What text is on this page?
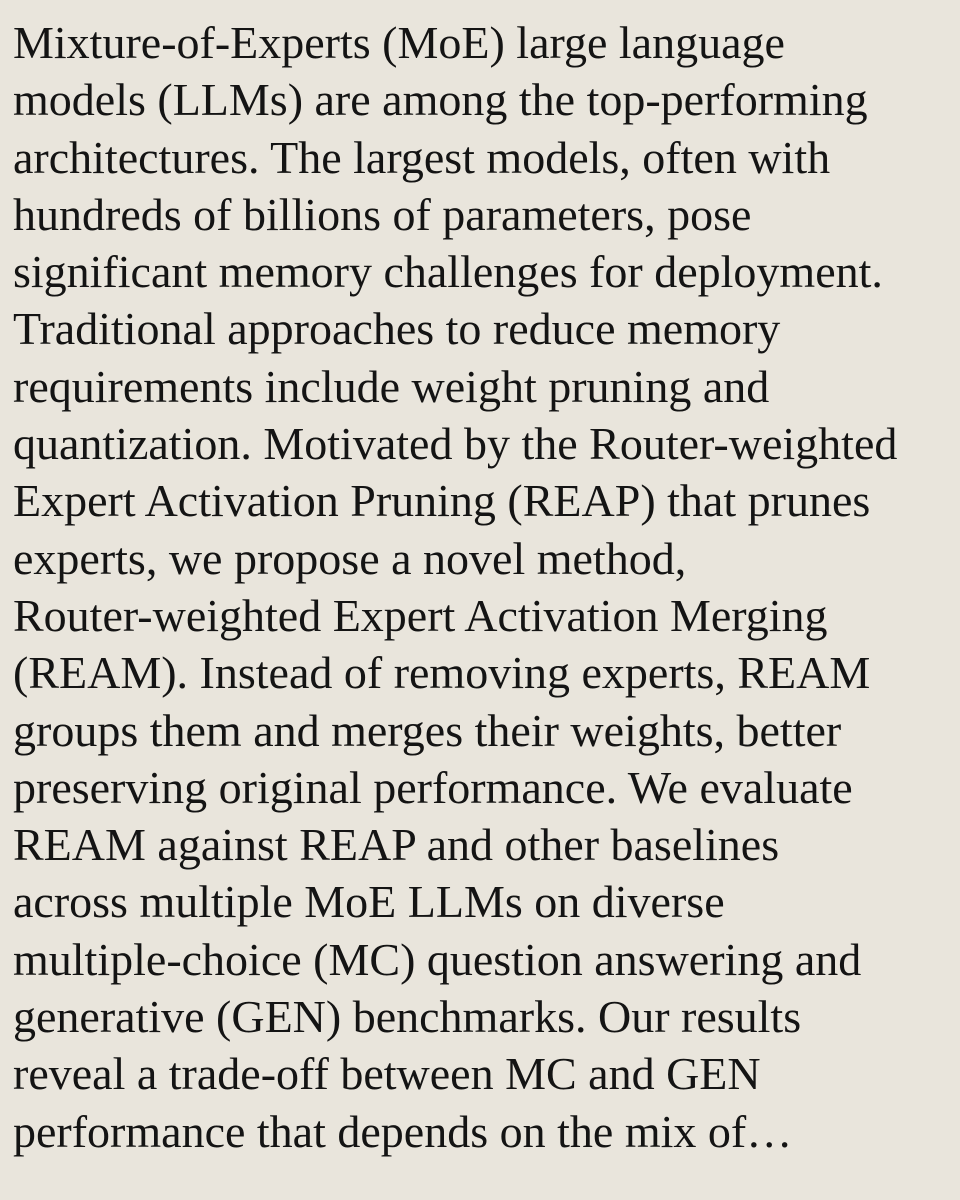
Mixture-of-Experts (MoE) large language
models (LLMs) are among the top-performing
architectures. The largest models, often with
hundreds of billions of parameters, pose
significant memory challenges for deployment.
Traditional approaches to reduce memory
requirements include weight pruning and
quantization. Motivated by the Router-weighted
Expert Activation Pruning (REAP) that prunes
experts, we propose a novel method,
Router-weighted Expert Activation Merging
(REAM). Instead of removing experts, REAM
groups them and merges their weights, better
preserving original performance. We evaluate
REAM against REAP and other baselines
across multiple MoE LLMs on diverse
multiple-choice (MC) question answering and
generative (GEN) benchmarks. Our results
reveal a trade-off between MC and GEN
performance that depends on the mix of…
